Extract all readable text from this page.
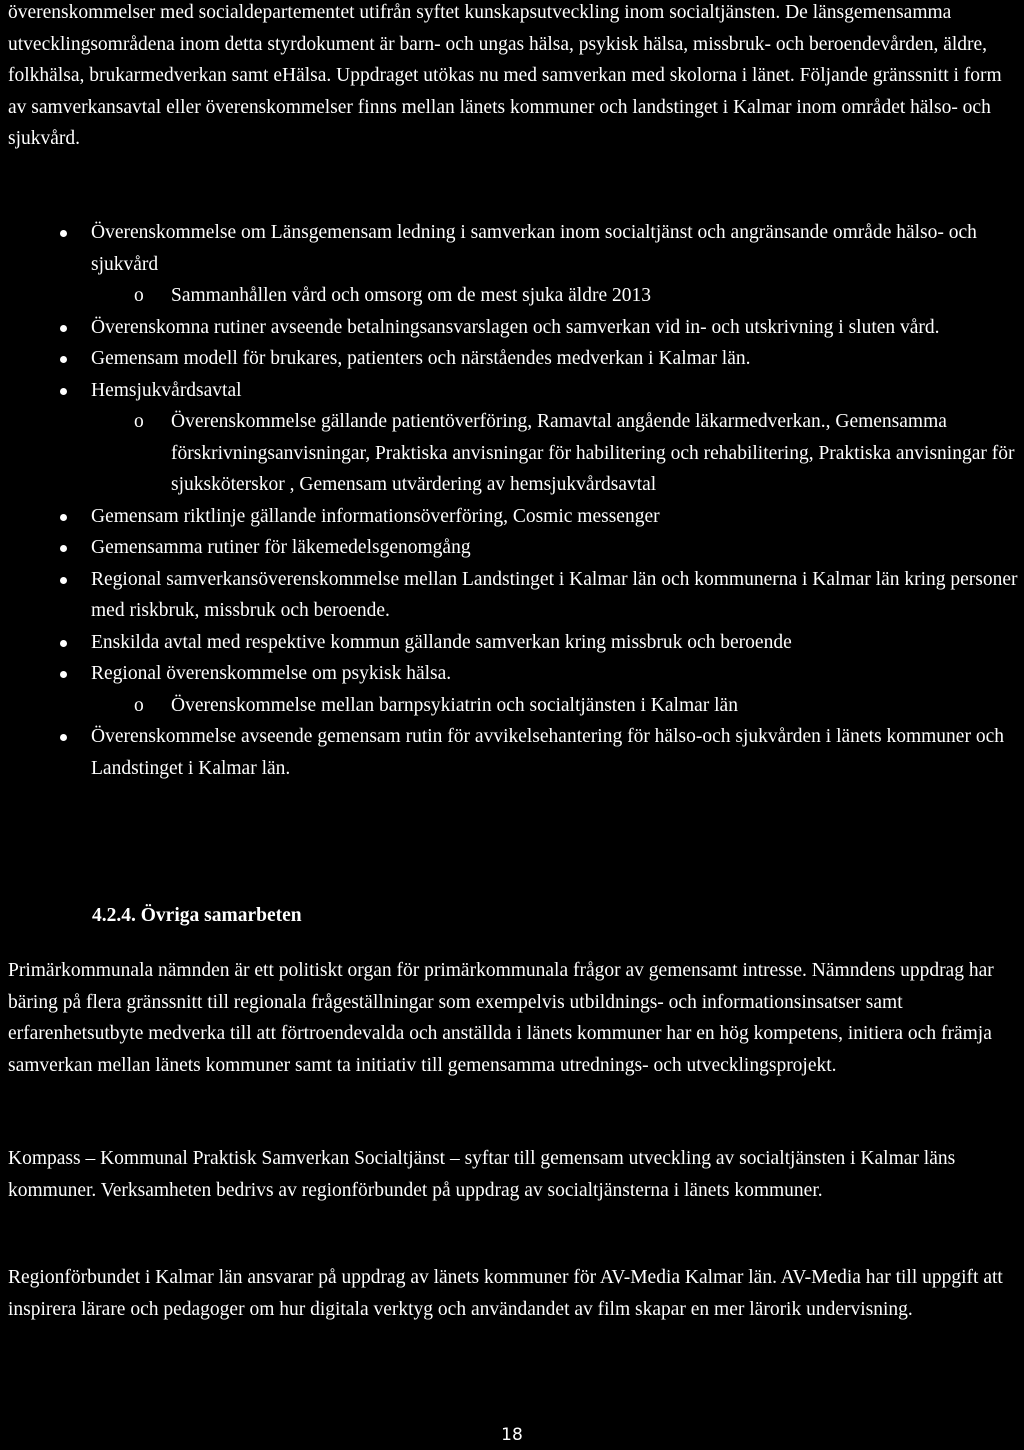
överenskommelser med socialdepartementet utifrån syftet kunskapsutveckling inom socialtjänsten. De länsgemensamma utvecklingsområdena inom detta styrdokument är barn- och ungas hälsa, psykisk hälsa, missbruk- och beroendevården, äldre, folkhälsa, brukarmedverkan samt eHälsa. Uppdraget utökas nu med samverkan med skolorna i länet. Följande gränssnitt i form av samverkansavtal eller överenskommelser finns mellan länets kommuner och landstinget i Kalmar inom området hälso- och sjukvård.

Överenskommelse om Länsgemensam ledning i samverkan inom socialtjänst och angränsande område hälso- och sjukvård
o Sammanhållen vård och omsorg om de mest sjuka äldre 2013
Överenskomna rutiner avseende betalningsansvarslagen och samverkan vid in- och utskrivning i sluten vård.
Gemensam modell för brukares, patienters och närståendes medverkan i Kalmar län.
Hemsjukvårdsavtal
o Överenskommelse gällande patientöverföring, Ramavtal angående läkarmedverkan., Gemensamma förskrivningsanvisningar, Praktiska anvisningar för habilitering och rehabilitering, Praktiska anvisningar för sjuksköterskor , Gemensam utvärdering av hemsjukvårdsavtal
Gemensam riktlinje gällande informationsöverföring, Cosmic messenger
Gemensamma rutiner för läkemedelsgenomgång
Regional samverkansöverenskommelse mellan Landstinget i Kalmar län och kommunerna i Kalmar län kring personer med riskbruk, missbruk och beroende.
Enskilda avtal med respektive kommun gällande samverkan kring missbruk och beroende
Regional överenskommelse om psykisk hälsa.
o Överenskommelse mellan barnpsykiatrin och socialtjänsten i Kalmar län
Överenskommelse avseende gemensam rutin för avvikelsehantering för hälso-och sjukvården i länets kommuner och Landstinget i Kalmar län.
4.2.4. Övriga samarbeten

Primärkommunala nämnden är ett politiskt organ för primärkommunala frågor av gemensamt intresse. Nämndens uppdrag har bäring på flera gränssnitt till regionala frågeställningar som exempelvis utbildnings- och informationsinsatser samt erfarenhetsutbyte medverka till att förtroendevalda och anställda i länets kommuner har en hög kompetens, initiera och främja samverkan mellan länets kommuner samt ta initiativ till gemensamma utrednings- och utvecklingsprojekt.

Kompass – Kommunal Praktisk Samverkan Socialtjänst – syftar till gemensam utveckling av socialtjänsten i Kalmar läns kommuner. Verksamheten bedrivs av regionförbundet på uppdrag av socialtjänsterna i länets kommuner.

Regionförbundet i Kalmar län ansvarar på uppdrag av länets kommuner för AV-Media Kalmar län. AV-Media har till uppgift att inspirera lärare och pedagoger om hur digitala verktyg och användandet av film skapar en mer lärorik undervisning.

18
